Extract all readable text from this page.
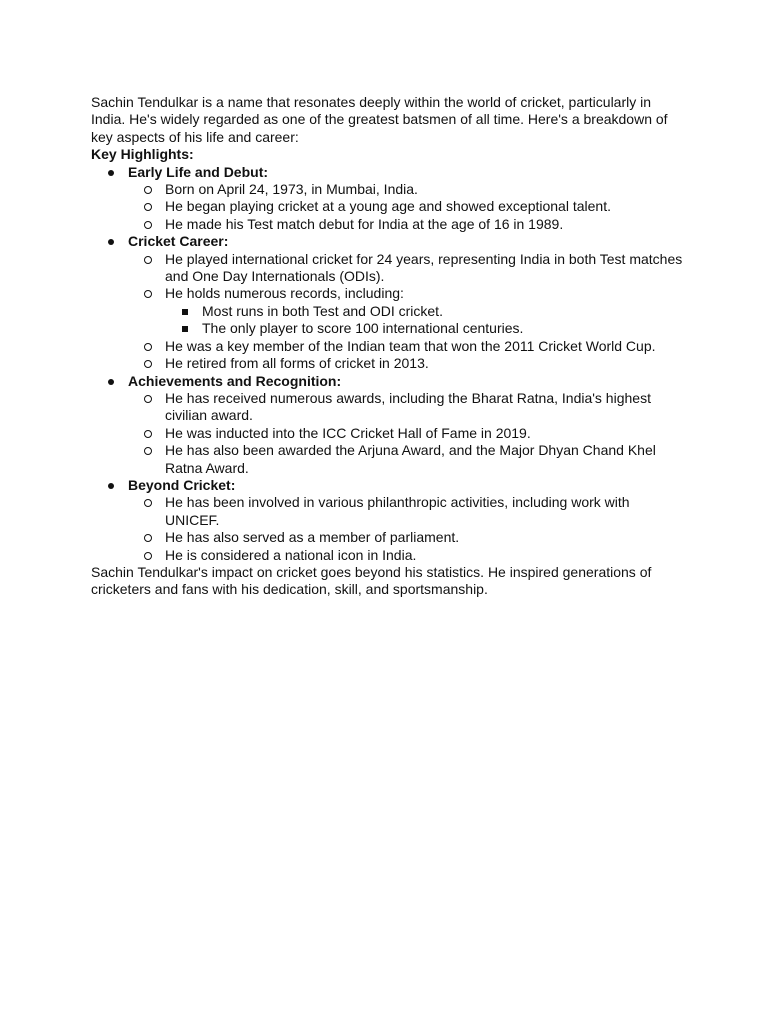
Sachin Tendulkar is a name that resonates deeply within the world of cricket, particularly in India. He's widely regarded as one of the greatest batsmen of all time. Here's a breakdown of key aspects of his life and career:

Key Highlights:

Early Life and Debut:
Born on April 24, 1973, in Mumbai, India.
He began playing cricket at a young age and showed exceptional talent.
He made his Test match debut for India at the age of 16 in 1989.
Cricket Career:
He played international cricket for 24 years, representing India in both Test matches and One Day Internationals (ODIs).
He holds numerous records, including:
Most runs in both Test and ODI cricket.
The only player to score 100 international centuries.
He was a key member of the Indian team that won the 2011 Cricket World Cup.
He retired from all forms of cricket in 2013.
Achievements and Recognition:
He has received numerous awards, including the Bharat Ratna, India's highest civilian award.
He was inducted into the ICC Cricket Hall of Fame in 2019.
He has also been awarded the Arjuna Award, and the Major Dhyan Chand Khel Ratna Award.
Beyond Cricket:
He has been involved in various philanthropic activities, including work with UNICEF.
He has also served as a member of parliament.
He is considered a national icon in India.

Sachin Tendulkar's impact on cricket goes beyond his statistics. He inspired generations of cricketers and fans with his dedication, skill, and sportsmanship.
